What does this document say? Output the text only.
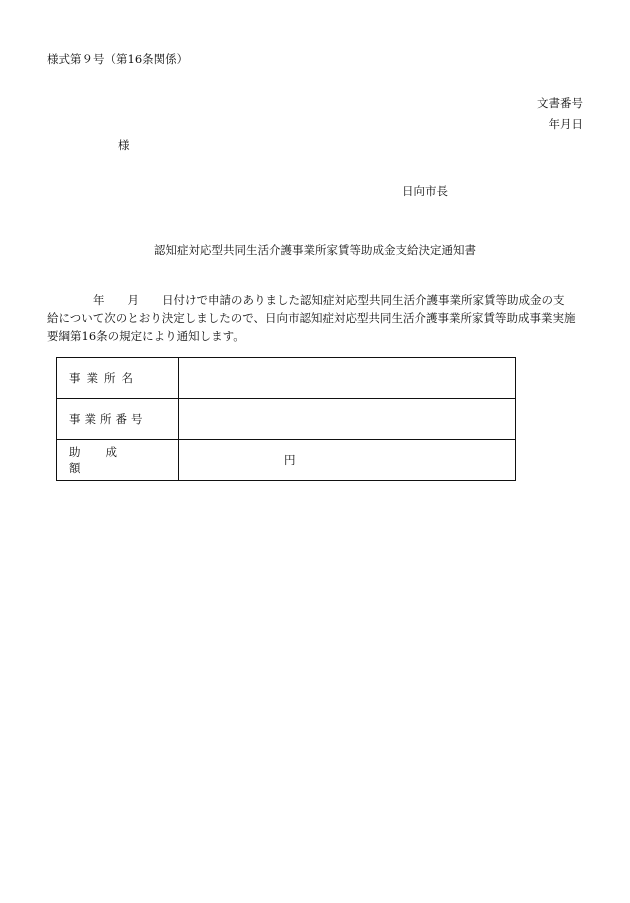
様式第９号（第16条関係）
文書番号
年月日
様
日向市長
認知症対応型共同生活介護事業所家賃等助成金支給決定通知書
　　　　年　　月　　日付けで申請のありました認知症対応型共同生活介護事業所家賃等助成金の支
給について次のとおり決定しましたので、日向市認知症対応型共同生活介護事業所家賃等助成事業実施
要綱第16条の規定により通知します。
事業所名	
事業所番号	
助成額	円
